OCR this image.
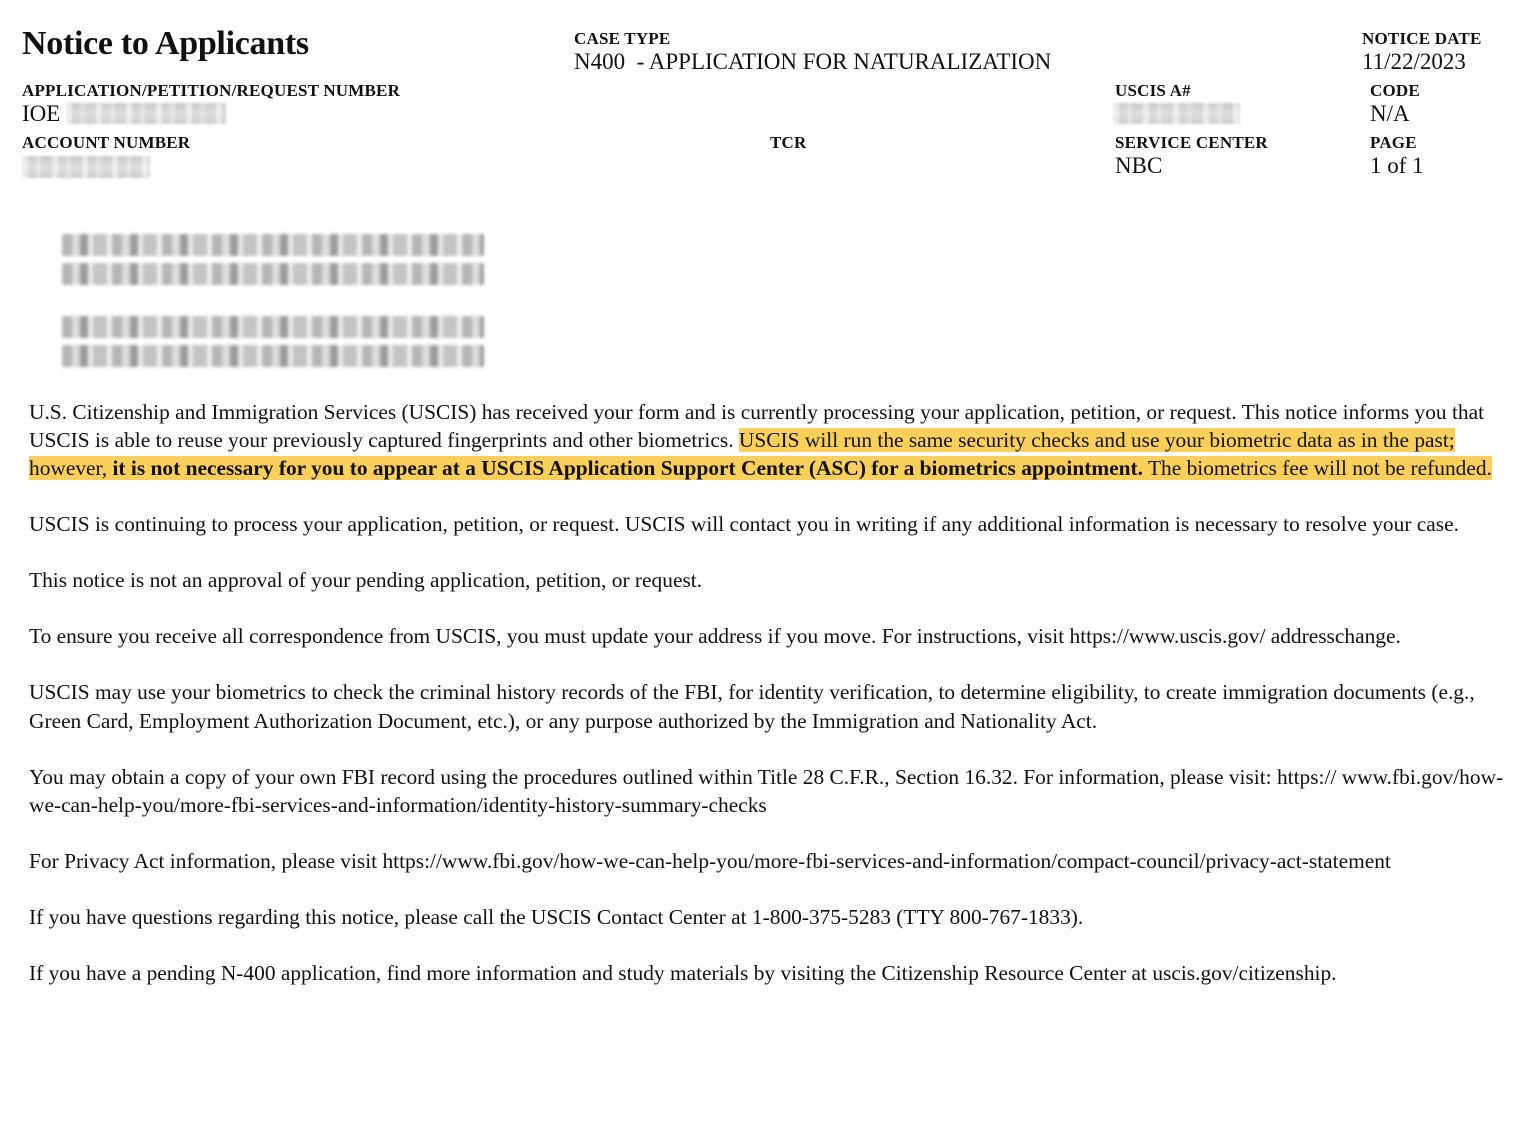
Notice to Applicants	CASE TYPE
N400  - APPLICATION FOR NATURALIZATION
NOTICE DATE
11/22/2023
APPLICATION/PETITION/REQUEST NUMBER
IOE
USCIS A#	CODE
N/A
ACCOUNT NUMBER	TCR	SERVICE CENTER
NBC
PAGE
1 of 1

U.S. Citizenship and Immigration Services (USCIS) has received your form and is currently processing your application, petition, or request. This notice informs you that USCIS is able to reuse your previously captured fingerprints and other biometrics. USCIS will run the same security checks and use your biometric data as in the past; however, it is not necessary for you to appear at a USCIS Application Support Center (ASC) for a biometrics appointment. The biometrics fee will not be refunded.

USCIS is continuing to process your application, petition, or request. USCIS will contact you in writing if any additional information is necessary to resolve your case.

This notice is not an approval of your pending application, petition, or request.

To ensure you receive all correspondence from USCIS, you must update your address if you move. For instructions, visit https://www.uscis.gov/ addresschange.

USCIS may use your biometrics to check the criminal history records of the FBI, for identity verification, to determine eligibility, to create immigration documents (e.g., Green Card, Employment Authorization Document, etc.), or any purpose authorized by the Immigration and Nationality Act.

You may obtain a copy of your own FBI record using the procedures outlined within Title 28 C.F.R., Section 16.32. For information, please visit: https:// www.fbi.gov/how-we-can-help-you/more-fbi-services-and-information/identity-history-summary-checks

For Privacy Act information, please visit https://www.fbi.gov/how-we-can-help-you/more-fbi-services-and-information/compact-council/privacy-act-statement

If you have questions regarding this notice, please call the USCIS Contact Center at 1-800-375-5283 (TTY 800-767-1833).

If you have a pending N-400 application, find more information and study materials by visiting the Citizenship Resource Center at uscis.gov/citizenship.
